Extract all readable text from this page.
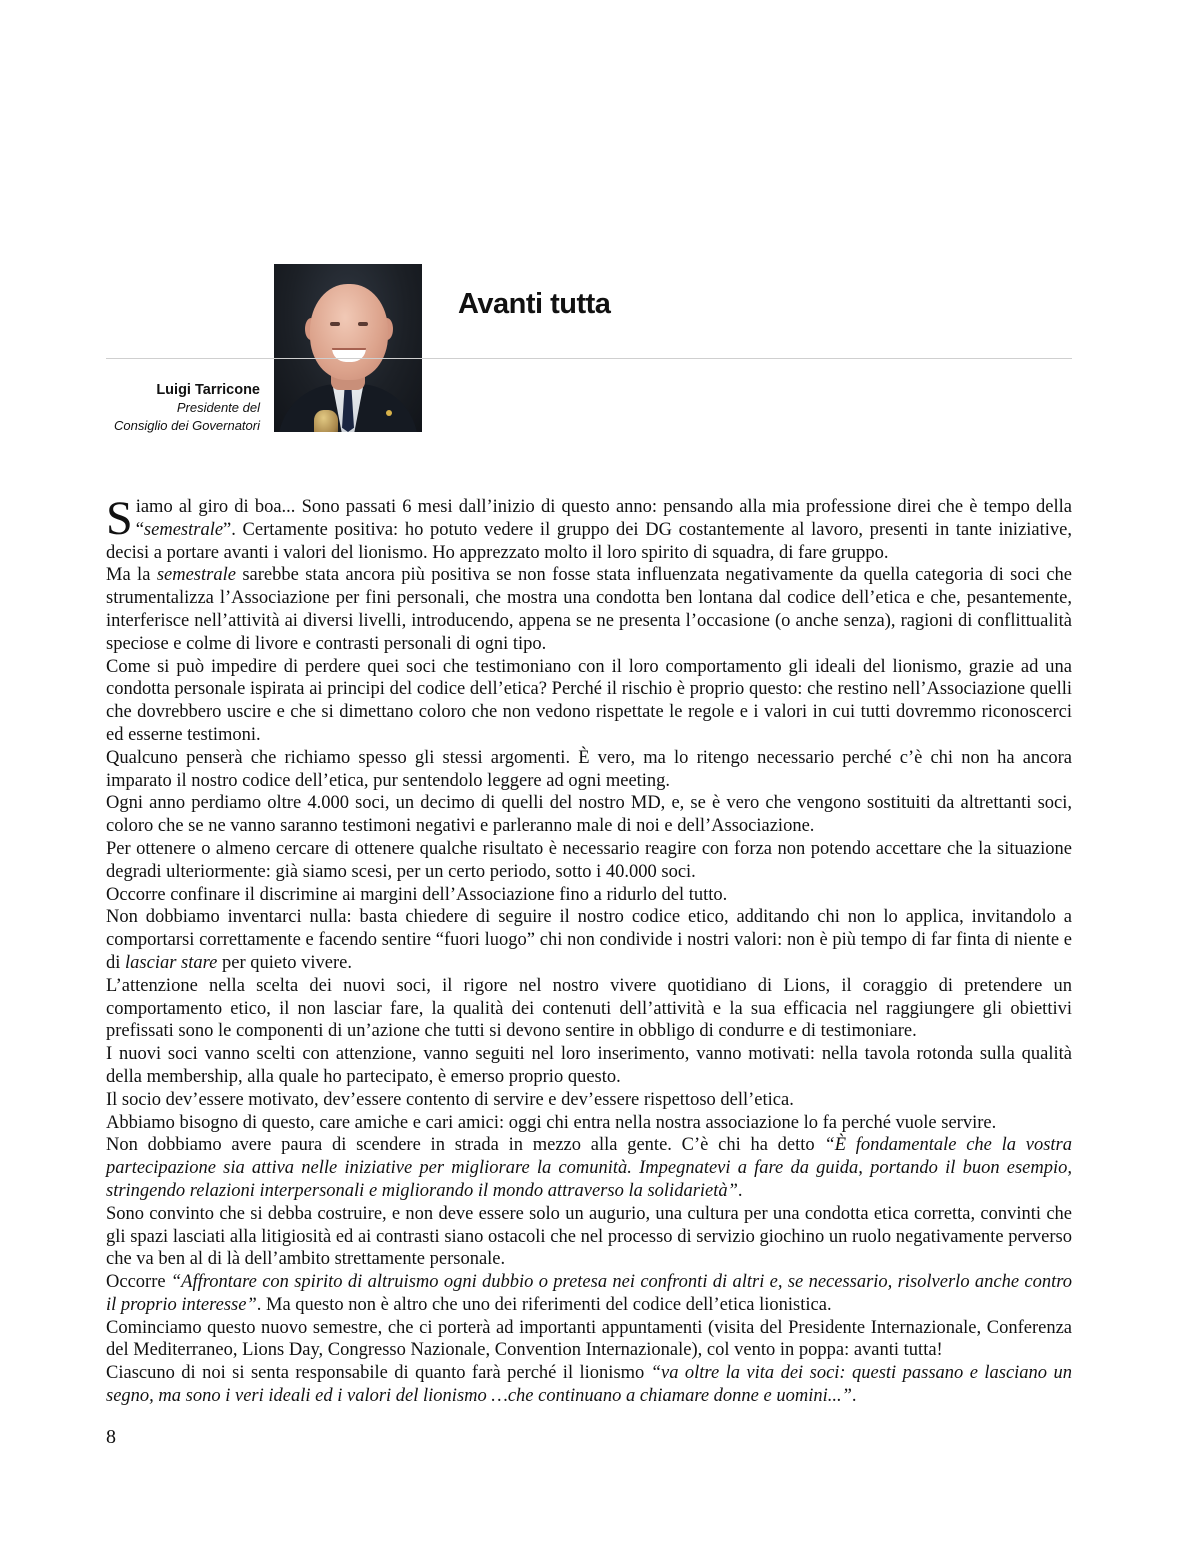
Avanti tutta
Luigi Tarricone
Presidente del
Consiglio dei Governatori

Siamo al giro di boa... Sono passati 6 mesi dall’inizio di questo anno: pensando alla mia professione direi che è tempo della “semestrale”. Certamente positiva: ho potuto vedere il gruppo dei DG costantemente al lavoro, presenti in tante iniziative, decisi a portare avanti i valori del lionismo. Ho apprezzato molto il loro spirito di squadra, di fare gruppo.

Ma la semestrale sarebbe stata ancora più positiva se non fosse stata influenzata negativamente da quella categoria di soci che strumentalizza l’Associazione per fini personali, che mostra una condotta ben lontana dal codice dell’etica e che, pesantemente, interferisce nell’attività ai diversi livelli, introducendo, appena se ne presenta l’occasione (o anche senza), ragioni di conflittualità speciose e colme di livore e contrasti personali di ogni tipo.

Come si può impedire di perdere quei soci che testimoniano con il loro comportamento gli ideali del lionismo, grazie ad una condotta personale ispirata ai principi del codice dell’etica? Perché il rischio è proprio questo: che restino nell’Associazione quelli che dovrebbero uscire e che si dimettano coloro che non vedono rispettate le regole e i valori in cui tutti dovremmo riconoscerci ed esserne testimoni.

Qualcuno penserà che richiamo spesso gli stessi argomenti. È vero, ma lo ritengo necessario perché c’è chi non ha ancora imparato il nostro codice dell’etica, pur sentendolo leggere ad ogni meeting.

Ogni anno perdiamo oltre 4.000 soci, un decimo di quelli del nostro MD, e, se è vero che vengono sostituiti da altrettanti soci, coloro che se ne vanno saranno testimoni negativi e parleranno male di noi e dell’Associazione.

Per ottenere o almeno cercare di ottenere qualche risultato è necessario reagire con forza non potendo accettare che la situazione degradi ulteriormente: già siamo scesi, per un certo periodo, sotto i 40.000 soci.

Occorre confinare il discrimine ai margini dell’Associazione fino a ridurlo del tutto.

Non dobbiamo inventarci nulla: basta chiedere di seguire il nostro codice etico, additando chi non lo applica, invitandolo a comportarsi correttamente e facendo sentire “fuori luogo” chi non condivide i nostri valori: non è più tempo di far finta di niente e di lasciar stare per quieto vivere.

L’attenzione nella scelta dei nuovi soci, il rigore nel nostro vivere quotidiano di Lions, il coraggio di pretendere un comportamento etico, il non lasciar fare, la qualità dei contenuti dell’attività e la sua efficacia nel raggiungere gli obiettivi prefissati sono le componenti di un’azione che tutti si devono sentire in obbligo di condurre e di testimoniare.

I nuovi soci vanno scelti con attenzione, vanno seguiti nel loro inserimento, vanno motivati: nella tavola rotonda sulla qualità della membership, alla quale ho partecipato, è emerso proprio questo.

Il socio dev’essere motivato, dev’essere contento di servire e dev’essere rispettoso dell’etica.

Abbiamo bisogno di questo, care amiche e cari amici: oggi chi entra nella nostra associazione lo fa perché vuole servire.

Non dobbiamo avere paura di scendere in strada in mezzo alla gente. C’è chi ha detto “È fondamentale che la vostra partecipazione sia attiva nelle iniziative per migliorare la comunità. Impegnatevi a fare da guida, portando il buon esempio, stringendo relazioni interpersonali e migliorando il mondo attraverso la solidarietà”.

Sono convinto che si debba costruire, e non deve essere solo un augurio, una cultura per una condotta etica corretta, convinti che gli spazi lasciati alla litigiosità ed ai contrasti siano ostacoli che nel processo di servizio giochino un ruolo negativamente perverso che va ben al di là dell’ambito strettamente personale.

Occorre “Affrontare con spirito di altruismo ogni dubbio o pretesa nei confronti di altri e, se necessario, risolverlo anche contro il proprio interesse”. Ma questo non è altro che uno dei riferimenti del codice dell’etica lionistica.

Cominciamo questo nuovo semestre, che ci porterà ad importanti appuntamenti (visita del Presidente Internazionale, Conferenza del Mediterraneo, Lions Day, Congresso Nazionale, Convention Internazionale), col vento in poppa: avanti tutta!

Ciascuno di noi si senta responsabile di quanto farà perché il lionismo “va oltre la vita dei soci: questi passano e lasciano un segno, ma sono i veri ideali ed i valori del lionismo …che continuano a chiamare donne e uomini...”.

8
